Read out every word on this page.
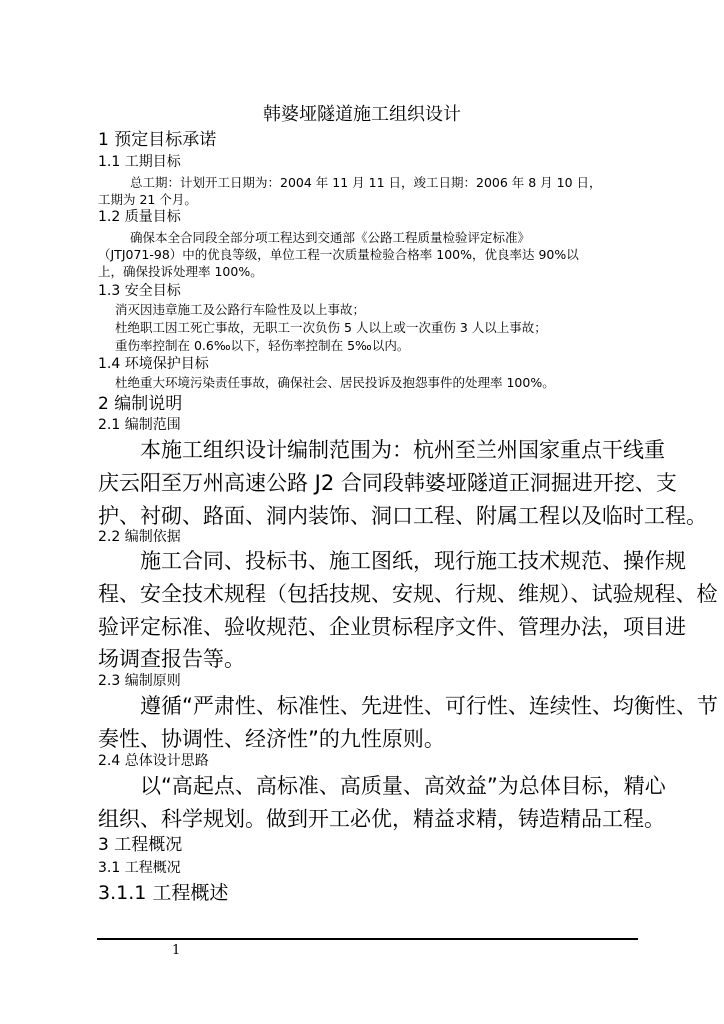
韩婆垭隧道施工组织设计
1 预定目标承诺
1.1 工期目标
总工期：计划开工日期为：2004 年 11 月 11 日，竣工日期：2006 年 8 月 10 日，
工期为 21 个月。
1.2 质量目标
确保本全合同段全部分项工程达到交通部《公路工程质量检验评定标准》
（JTJ071-98）中的优良等级，单位工程一次质量检验合格率 100%，优良率达 90%以
上，确保投诉处理率 100%。
1.3 安全目标
消灭因违章施工及公路行车险性及以上事故；
杜绝职工因工死亡事故，无职工一次负伤 5 人以上或一次重伤 3 人以上事故；
重伤率控制在 0.6‰以下，轻伤率控制在 5‰以内。
1.4 环境保护目标
杜绝重大环境污染责任事故，确保社会、居民投诉及抱怨事件的处理率 100%。
2 编制说明
2.1 编制范围
本施工组织设计编制范围为：杭州至兰州国家重点干线重
庆云阳至万州高速公路 J2 合同段韩婆垭隧道正洞掘进开挖、支
护、衬砌、路面、洞内装饰、洞口工程、附属工程以及临时工程。
2.2 编制依据
施工合同、投标书、施工图纸，现行施工技术规范、操作规
程、安全技术规程（包括技规、安规、行规、维规）、试验规程、检
验评定标准、验收规范、企业贯标程序文件、管理办法，项目进
场调查报告等。
2.3 编制原则
遵循“严肃性、标准性、先进性、可行性、连续性、均衡性、节
奏性、协调性、经济性”的九性原则。
2.4 总体设计思路
以“高起点、高标准、高质量、高效益”为总体目标，精心
组织、科学规划。做到开工必优，精益求精，铸造精品工程。
3 工程概况
3.1 工程概况
3.1.1 工程概述
1
